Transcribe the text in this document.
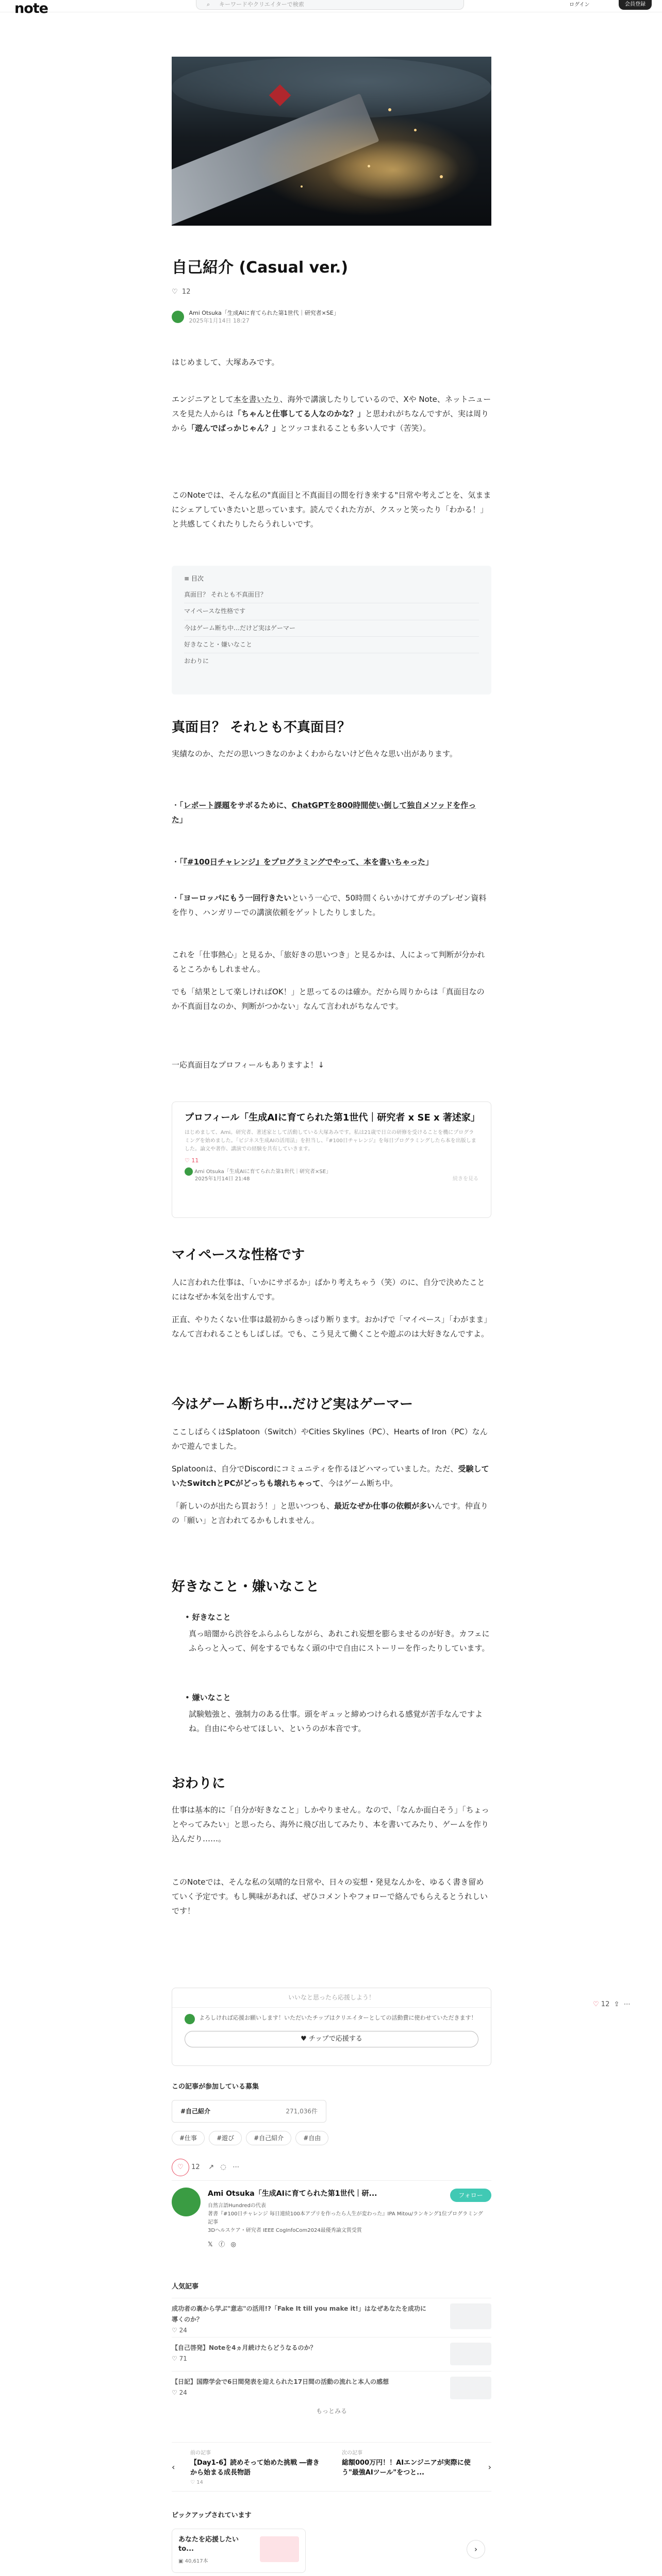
note	⌕ キーワードやクリエイターで検索	ログイン	会員登録
自己紹介 (Casual ver.)
♡ 12
Ami Otsuka「生成AIに育てられた第1世代｜研究者×SE」
2025年1月14日 18:27
はじめまして、大塚あみです。
エンジニアとして本を書いたり、海外で講演したりしているので、Xや Note、ネットニュースを見た人からは「ちゃんと仕事してる人なのかな？」と思われがちなんですが、実は周りから「遊んでばっかじゃん？」とツッコまれることも多い人です（苦笑）。
このNoteでは、そんな私の"真面目と不真面目の間を行き来する"日常や考えごとを、気ままにシェアしていきたいと思っています。読んでくれた方が、クスッと笑ったり「わかる！」と共感してくれたりしたらうれしいです。
≡ 目次
真面目？ それとも不真面目？
マイペースな性格です
今はゲーム断ち中…だけど実はゲーマー
好きなこと・嫌いなこと
おわりに
真面目？ それとも不真面目？
実績なのか、ただの思いつきなのかよくわからないけど色々な思い出があります。
・「レポート課題をサボるために、ChatGPTを800時間使い倒して独自メソッドを作った」
・「『#100日チャレンジ』をプログラミングでやって、本を書いちゃった」
・「ヨーロッパにもう一回行きたいという一心で、50時間くらいかけてガチのプレゼン資料を作り、ハンガリーでの講演依頼をゲットしたりしました。
これを「仕事熱心」と見るか、「旅好きの思いつき」と見るかは、人によって判断が分かれるところかもしれません。
でも「結果として楽しければOK！」と思ってるのは確か。だから周りからは「真面目なのか不真面目なのか、判断がつかない」なんて言われがちなんです。
一応真面目なプロフィールもありますよ！↓
プロフィール「生成AIに育てられた第1世代｜研究者 x SE x 著述家」
はじめまして、Ami。研究者、著述家として活動している大塚あみです。私は21歳で日立の研修を受けることを機にプログラミングを始めました。「ビジネス生成AIの活用法」を担当し、『#100日チャレンジ』を毎日プログラミングしたら本を出版しました。論文や著作、講演での経験を共有していきます。
♡ 11
Ami Otsuka「生成AIに育てられた第1世代｜研究者×SE」
2025年1月14日 21:48	続きを見る
マイペースな性格です
人に言われた仕事は、「いかにサボるか」ばかり考えちゃう（笑）のに、自分で決めたことにはなぜか本気を出すんです。
正直、やりたくない仕事は最初からきっぱり断ります。おかげで「マイペース」「わがまま」なんて言われることもしばしば。でも、こう見えて働くことや遊ぶのは大好きなんですよ。
今はゲーム断ち中…だけど実はゲーマー
ここしばらくはSplatoon（Switch）やCities Skylines（PC）、Hearts of Iron（PC）なんかで遊んでました。
Splatoonは、自分でDiscordにコミュニティを作るほどハマっていました。ただ、受験していたSwitchとPCがどっちも壊れちゃって、今はゲーム断ち中。
「新しいのが出たら買おう！」と思いつつも、最近なぜか仕事の依頼が多いんです。仲直りの「願い」と言われてるかもしれません。
好きなこと・嫌いなこと
• 好きなこと
真っ暗闇から渋谷をふらふらしながら、あれこれ妄想を膨らませるのが好き。カフェにふらっと入って、何をするでもなく頭の中で自由にストーリーを作ったりしています。
• 嫌いなこと
試験勉強と、強制力のある仕事。頭をギュッと締めつけられる感覚が苦手なんですよね。自由にやらせてほしい、というのが本音です。
おわりに
仕事は基本的に「自分が好きなこと」しかやりません。なので、「なんか面白そう」「ちょっとやってみたい」と思ったら、海外に飛び出してみたり、本を書いてみたり、ゲームを作り込んだり……。
このNoteでは、そんな私の気晴的な日常や、日々の妄想・発見なんかを、ゆるく書き留めていく予定です。もし興味があれば、ぜひコメントやフォローで絡んでもらえるとうれしいです！
いいなと思ったら応援しよう！
よろしければ応援お願いします！いただいたチップはクリエイターとしての活動費に使わせていただきます！
♥ チップで応援する
♡ 12  ⇪  ⋯
この記事が参加している募集
#自己紹介	271,036件
#仕事	#遊び	#自己紹介	#自由
♡ 12 ↗ ◌ ⋯
Ami Otsuka「生成AIに育てられた第1世代｜研...	フォロー
自然言語Hundredの代表
著書『#100日チャレンジ 毎日連続100本アプリを作ったら人生が変わった』IPA Mitou/ランキング1位プログラミング記事
3Dヘルスケア・研究者 IEEE CogInfoCom2024最優秀論文賞受賞
𝕏   ⓕ   ◎
人気記事
成功者の裏から学ぶ"意志"の活用!?「Fake It till you make it!」はなぜあなたを成功に導くのか？
♡ 24
【自己啓発】Noteを4ヵ月続けたらどうなるのか？
♡ 71
【日記】国際学会で6日間発表を迎えられた17日間の活動の流れと本人の感想
♡ 24
もっとみる
‹
前の記事
【Day1-6】読めそって始めた挑戦 ―書きから始まる成長物語
♡ 14
次の記事
総額000万円！！AIエンジニアが実際に使う"最強AIツール"をつと...
›
ピックアップされています
あなたを応援したい to...
▣ 40,617本
›
